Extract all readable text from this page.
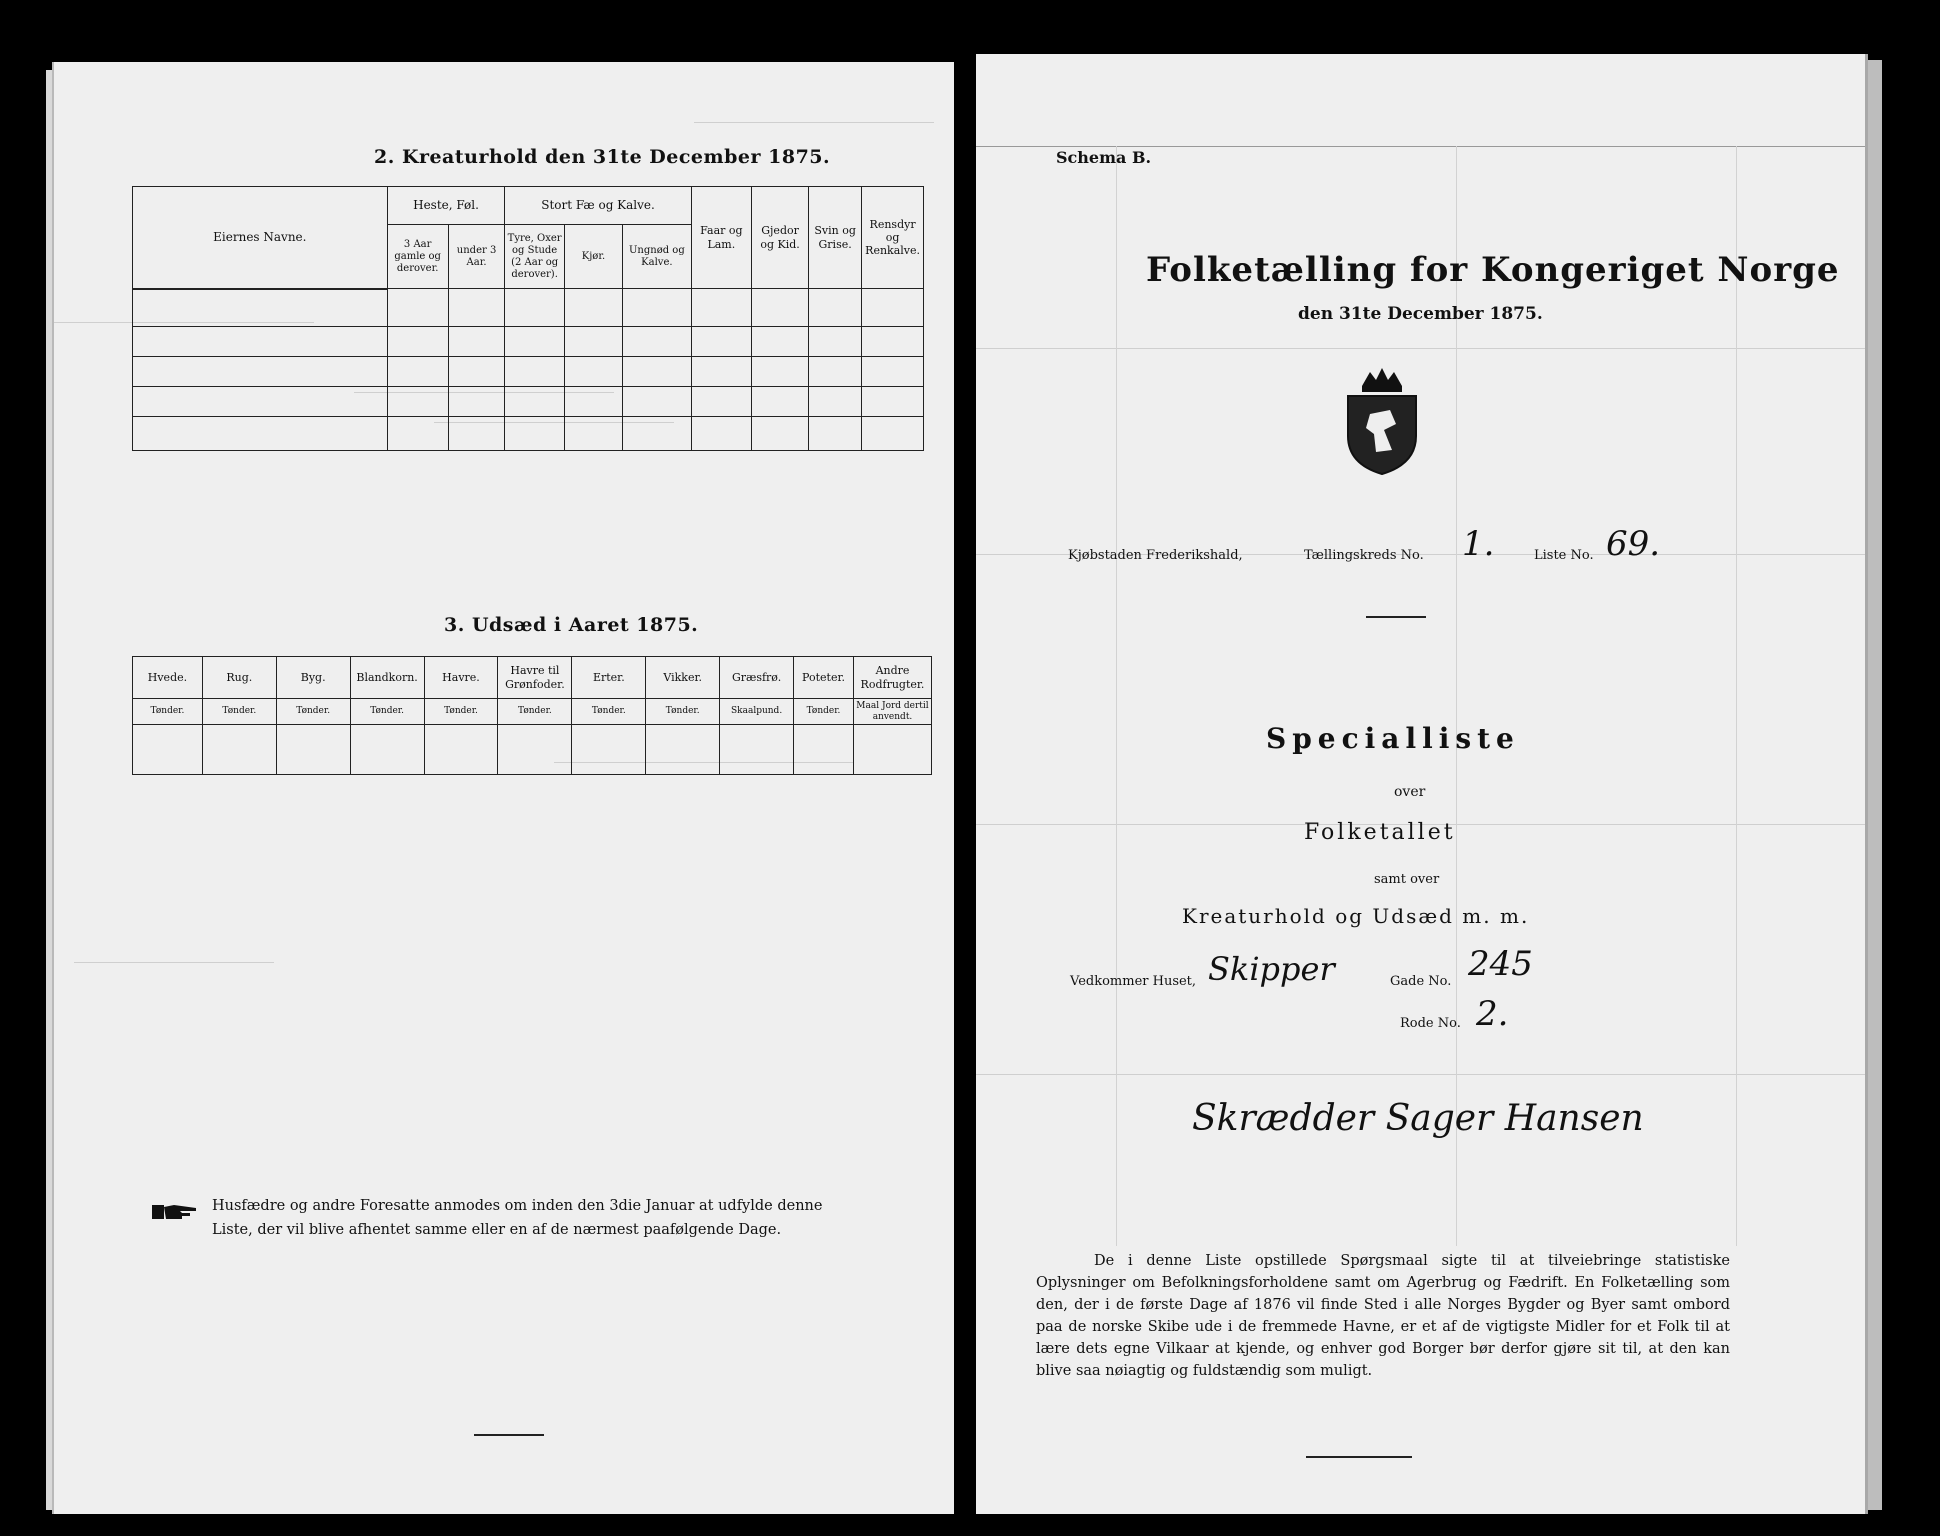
2. Kreaturhold den 31te December 1875.
Eiernes Navne.	Heste, Føl.		Stort Fæ og Kalve.			Faar og Lam.	Gjedor og Kid.	Svin og Grise.	Rensdyr og Renkalve.
	3 Aar gamle og derover.	under 3 Aar.	Tyre, Oxer og Stude (2 Aar og derover).	Kjør.	Ungnød og Kalve.				

3. Udsæd i Aaret 1875.
Hvede.	Rug.	Byg.	Blandkorn.	Havre.	Havre til Grønfoder.	Erter.	Vikker.	Græsfrø.	Poteter.	Andre Rodfrugter.
Tønder.	Tønder.	Tønder.	Tønder.	Tønder.	Tønder.	Tønder.	Tønder.	Skaalpund.	Tønder.	Maal Jord dertil anvendt.

Husfædre og andre Foresatte anmodes om inden den 3die Januar at udfylde denne Liste, der vil blive afhentet samme eller en af de nærmest paafølgende Dage.
Schema B.
Folketælling for Kongeriget Norge
den 31te December 1875.
Kjøbstaden Frederikshald,	Tællingskreds No. 1.	Liste No. 69.
Specialliste
over
Folketallet
samt over
Kreaturhold og Udsæd m. m.
Vedkommer Huset, Skipper	Gade No. 245
Rode No. 2.
Skrædder Sager Hansen
De i denne Liste opstillede Spørgsmaal sigte til at tilveiebringe statistiske Oplysninger om Befolkningsforholdene samt om Agerbrug og Fædrift. En Folketælling som den, der i de første Dage af 1876 vil finde Sted i alle Norges Bygder og Byer samt ombord paa de norske Skibe ude i de fremmede Havne, er et af de vigtigste Midler for et Folk til at lære dets egne Vilkaar at kjende, og enhver god Borger bør derfor gjøre sit til, at den kan blive saa nøiagtig og fuldstændig som muligt.
